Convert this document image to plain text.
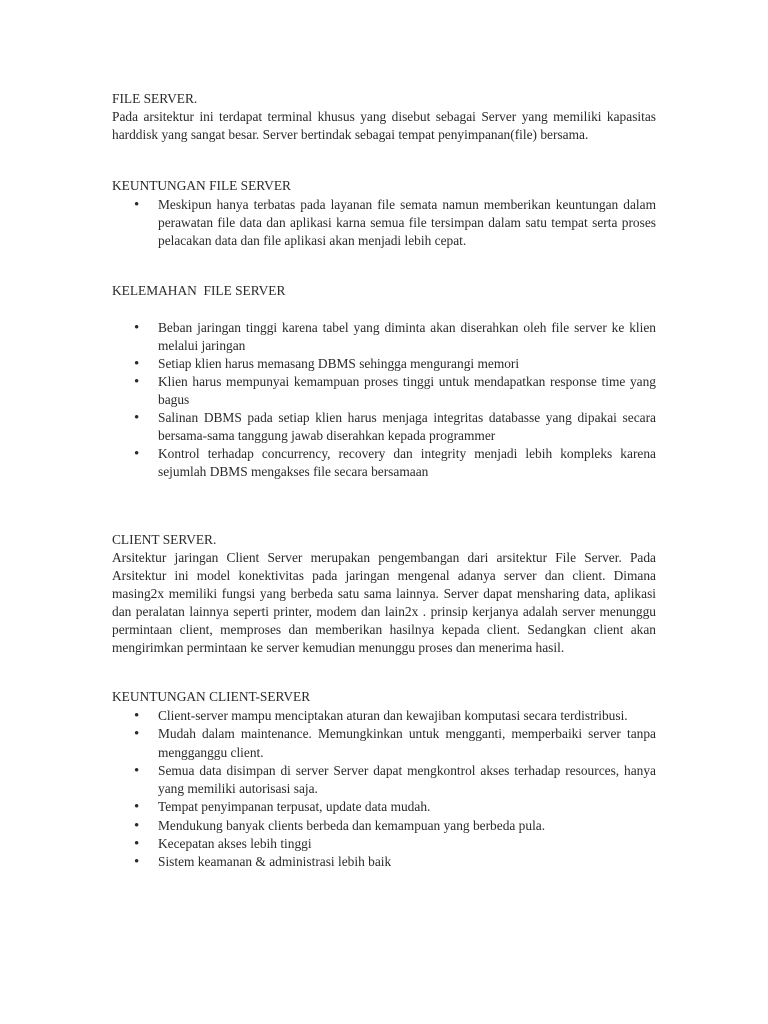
FILE SERVER.

Pada arsitektur ini terdapat terminal khusus yang disebut sebagai Server yang memiliki kapasitas harddisk yang sangat besar. Server bertindak sebagai tempat penyimpanan(file) bersama.

KEUNTUNGAN FILE SERVER
• Meskipun hanya terbatas pada layanan file semata namun memberikan keuntungan dalam perawatan file data dan aplikasi karna semua file tersimpan dalam satu tempat serta proses pelacakan data dan file aplikasi akan menjadi lebih cepat.
KELEMAHAN  FILE SERVER
• Beban jaringan tinggi karena tabel yang diminta akan diserahkan oleh file server ke klien melalui jaringan
• Setiap klien harus memasang DBMS sehingga mengurangi memori
• Klien harus mempunyai kemampuan proses tinggi untuk mendapatkan response time yang bagus
• Salinan DBMS pada setiap klien harus menjaga integritas databasse yang dipakai secara bersama-sama tanggung jawab diserahkan kepada programmer
• Kontrol terhadap concurrency, recovery dan integrity menjadi lebih kompleks karena sejumlah DBMS mengakses file secara bersamaan
CLIENT SERVER.

Arsitektur jaringan Client Server merupakan pengembangan dari arsitektur File Server. Pada Arsitektur ini model konektivitas pada jaringan mengenal adanya server dan client. Dimana masing2x memiliki fungsi yang berbeda satu sama lainnya. Server dapat mensharing data, aplikasi dan peralatan lainnya seperti printer, modem dan lain2x . prinsip kerjanya adalah server menunggu permintaan client, memproses dan memberikan hasilnya kepada client. Sedangkan client akan mengirimkan permintaan ke server kemudian menunggu proses dan menerima hasil.

KEUNTUNGAN CLIENT-SERVER
• Client-server mampu menciptakan aturan dan kewajiban komputasi secara terdistribusi.
• Mudah dalam maintenance. Memungkinkan untuk mengganti, memperbaiki server tanpa mengganggu client.
• Semua data disimpan di server Server dapat mengkontrol akses terhadap resources, hanya yang memiliki autorisasi saja.
• Tempat penyimpanan terpusat, update data mudah.
• Mendukung banyak clients berbeda dan kemampuan yang berbeda pula.
• Kecepatan akses lebih tinggi
• Sistem keamanan & administrasi lebih baik
